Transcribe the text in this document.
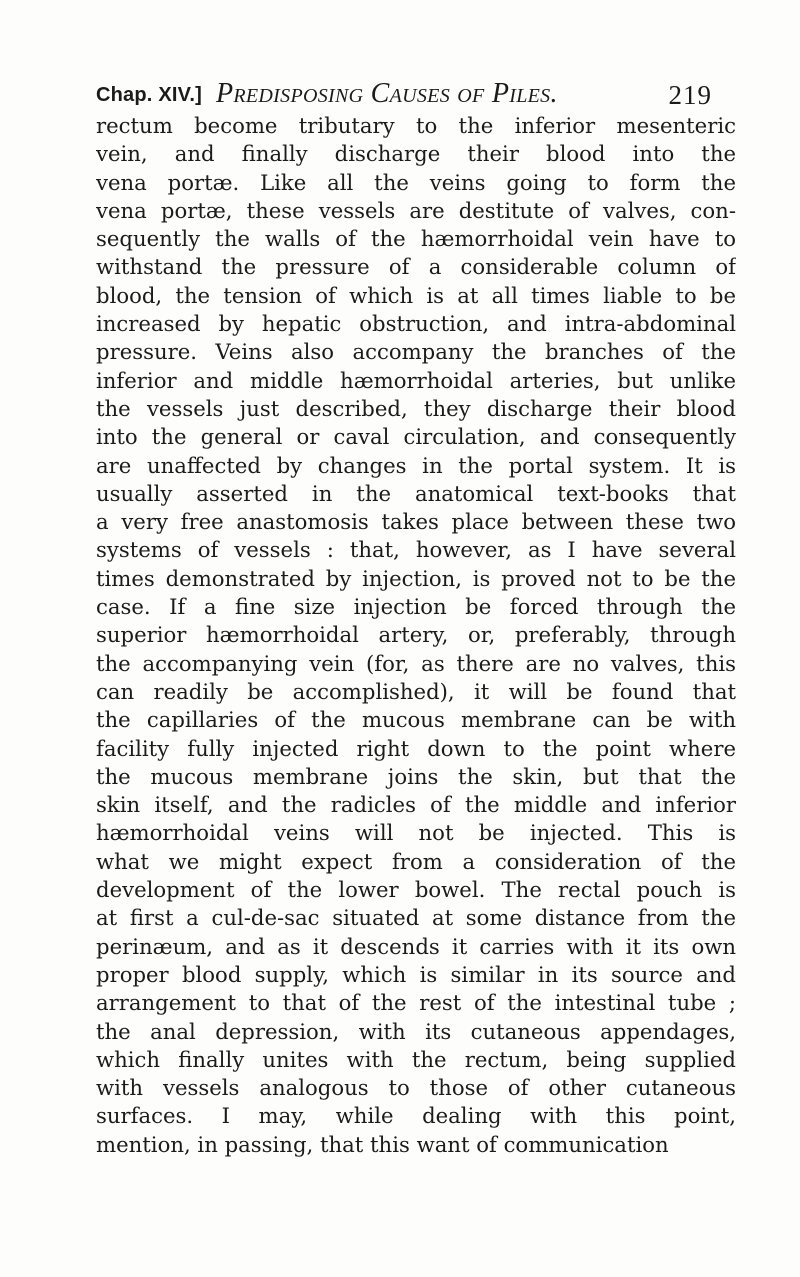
Chap. XIV.] Predisposing Causes of Piles.	219
rectum become tributary to the inferior mesenteric
vein, and finally discharge their blood into the
vena portæ. Like all the veins going to form the
vena portæ, these vessels are destitute of valves, con-
sequently the walls of the hæmorrhoidal vein have to
withstand the pressure of a considerable column of
blood, the tension of which is at all times liable to be
increased by hepatic obstruction, and intra-abdominal
pressure. Veins also accompany the branches of the
inferior and middle hæmorrhoidal arteries, but unlike
the vessels just described, they discharge their blood
into the general or caval circulation, and consequently
are unaffected by changes in the portal system. It is
usually asserted in the anatomical text-books that
a very free anastomosis takes place between these two
systems of vessels : that, however, as I have several
times demonstrated by injection, is proved not to be the
case. If a fine size injection be forced through the
superior hæmorrhoidal artery, or, preferably, through
the accompanying vein (for, as there are no valves, this
can readily be accomplished), it will be found that
the capillaries of the mucous membrane can be with
facility fully injected right down to the point where
the mucous membrane joins the skin, but that the
skin itself, and the radicles of the middle and inferior
hæmorrhoidal veins will not be injected. This is
what we might expect from a consideration of the
development of the lower bowel. The rectal pouch is
at first a cul-de-sac situated at some distance from the
perinæum, and as it descends it carries with it its own
proper blood supply, which is similar in its source and
arrangement to that of the rest of the intestinal tube ;
the anal depression, with its cutaneous appendages,
which finally unites with the rectum, being supplied
with vessels analogous to those of other cutaneous
surfaces. I may, while dealing with this point,
mention, in passing, that this want of communication
